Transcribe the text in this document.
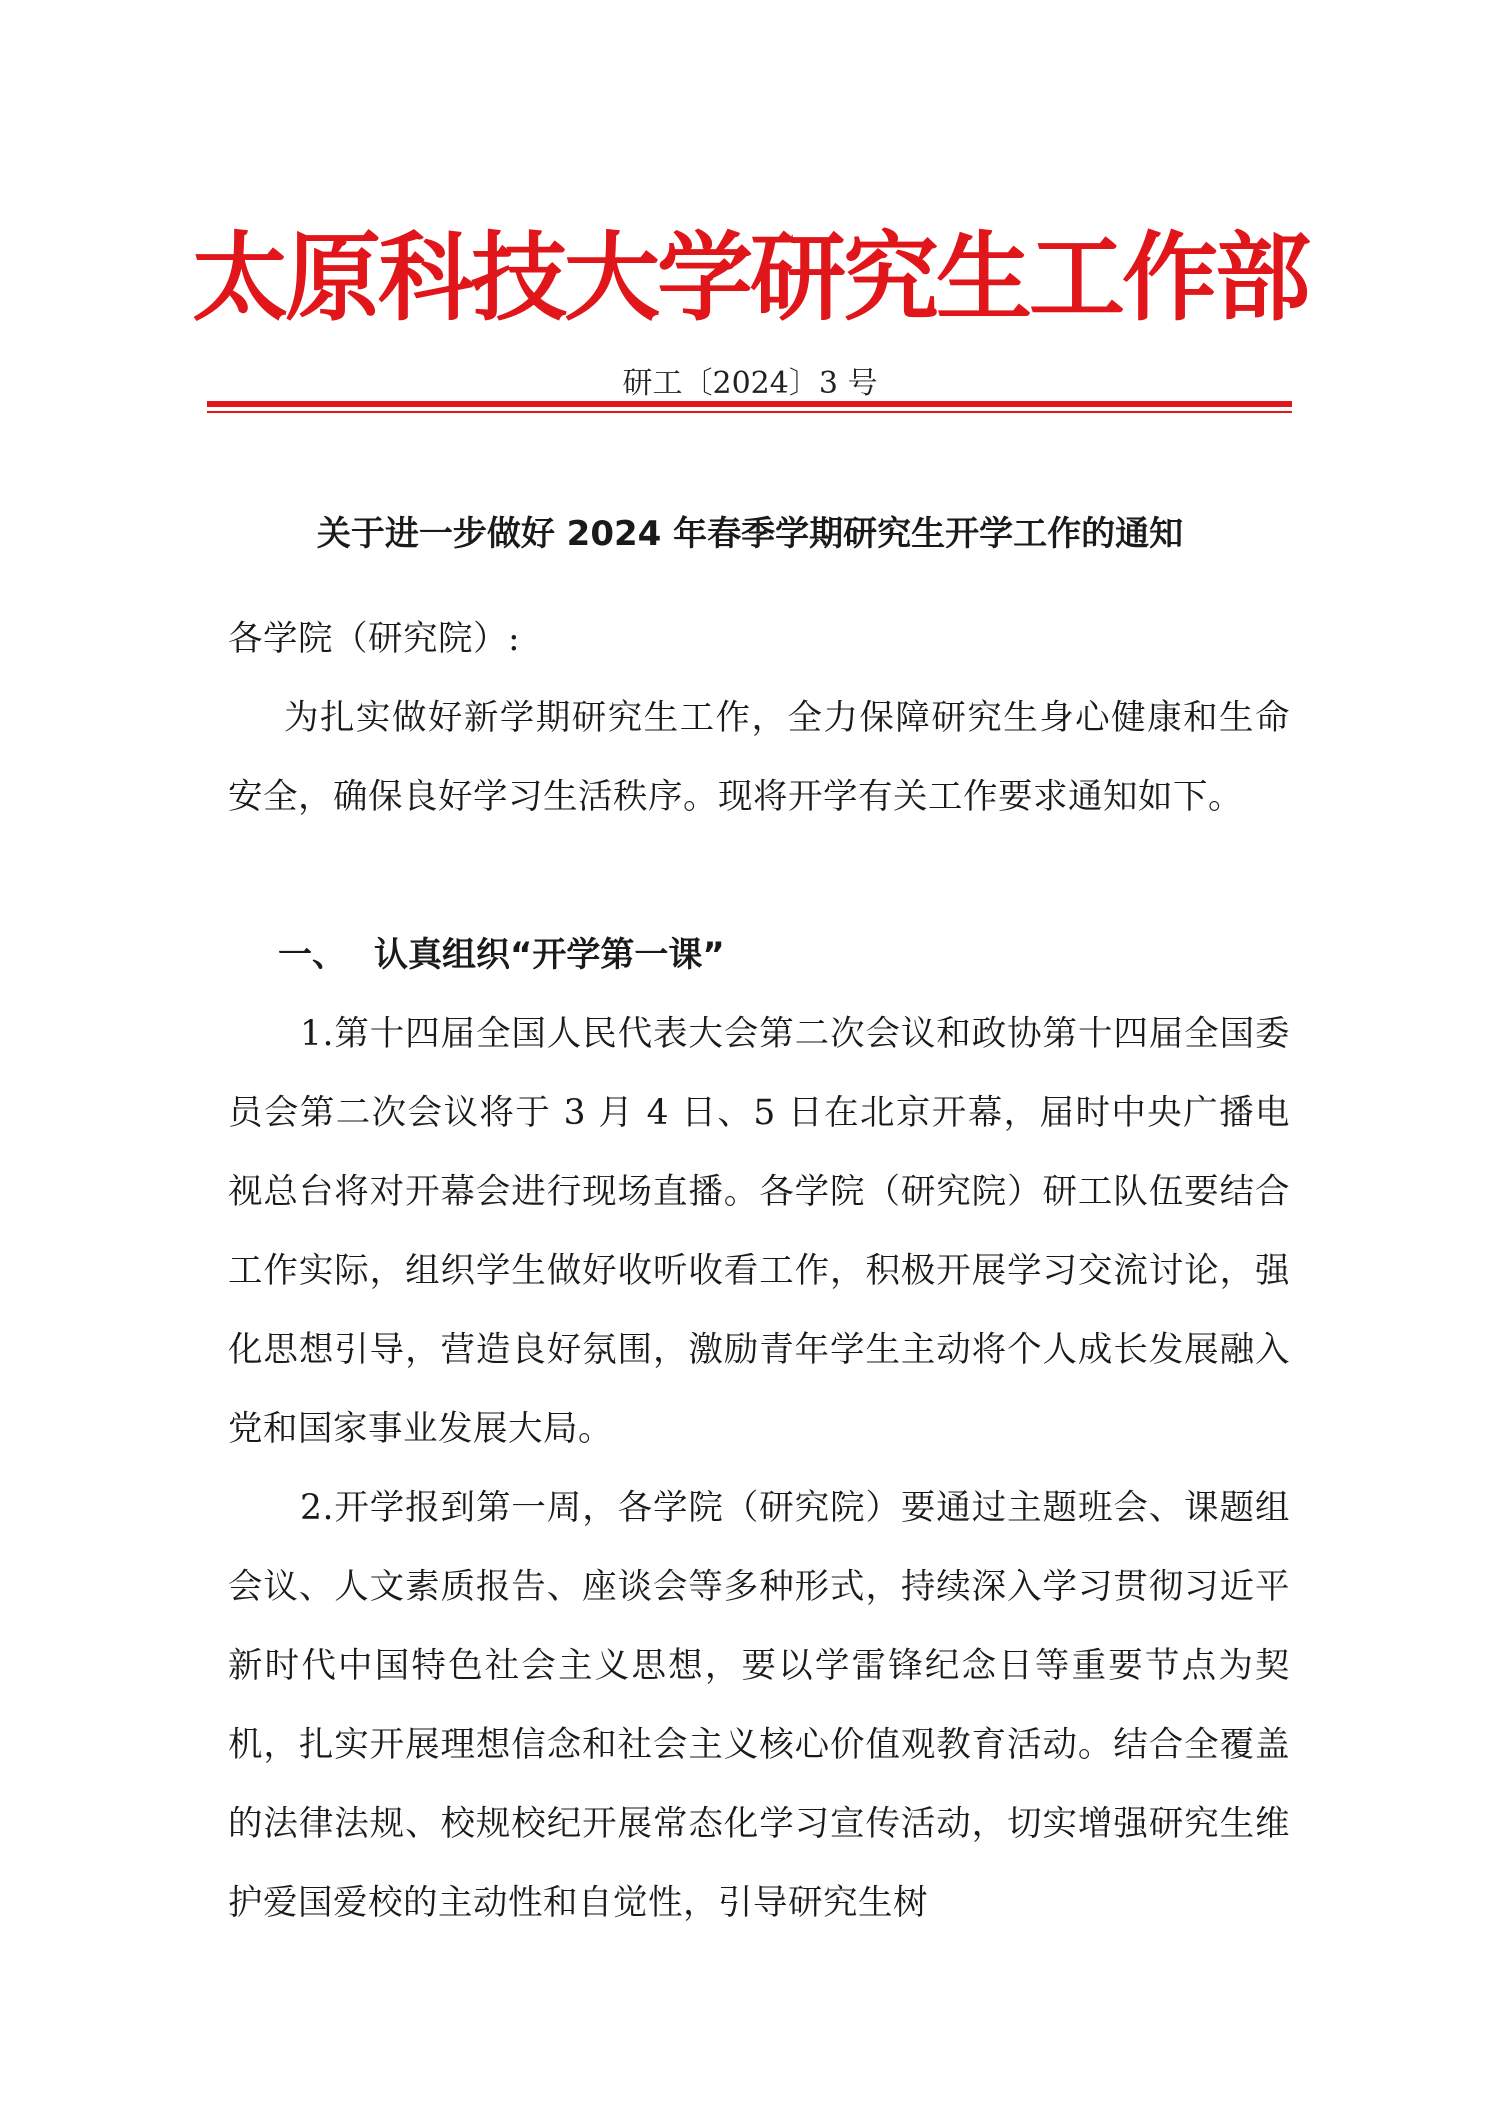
太原科技大学研究生工作部
研工〔2024〕3 号
关于进一步做好 2024 年春季学期研究生开学工作的通知
各学院（研究院）:
为扎实做好新学期研究生工作，全力保障研究生身心健康和生命安全，确保良好学习生活秩序。现将开学有关工作要求通知如下。
一、 认真组织“开学第一课”
1.第十四届全国人民代表大会第二次会议和政协第十四届全国委员会第二次会议将于 3 月 4 日、5 日在北京开幕，届时中央广播电视总台将对开幕会进行现场直播。各学院（研究院）研工队伍要结合工作实际，组织学生做好收听收看工作，积极开展学习交流讨论，强化思想引导，营造良好氛围，激励青年学生主动将个人成长发展融入党和国家事业发展大局。
2.开学报到第一周，各学院（研究院）要通过主题班会、课题组会议、人文素质报告、座谈会等多种形式，持续深入学习贯彻习近平新时代中国特色社会主义思想，要以学雷锋纪念日等重要节点为契机，扎实开展理想信念和社会主义核心价值观教育活动。结合全覆盖的法律法规、校规校纪开展常态化学习宣传活动，切实增强研究生维护爱国爱校的主动性和自觉性，引导研究生树
